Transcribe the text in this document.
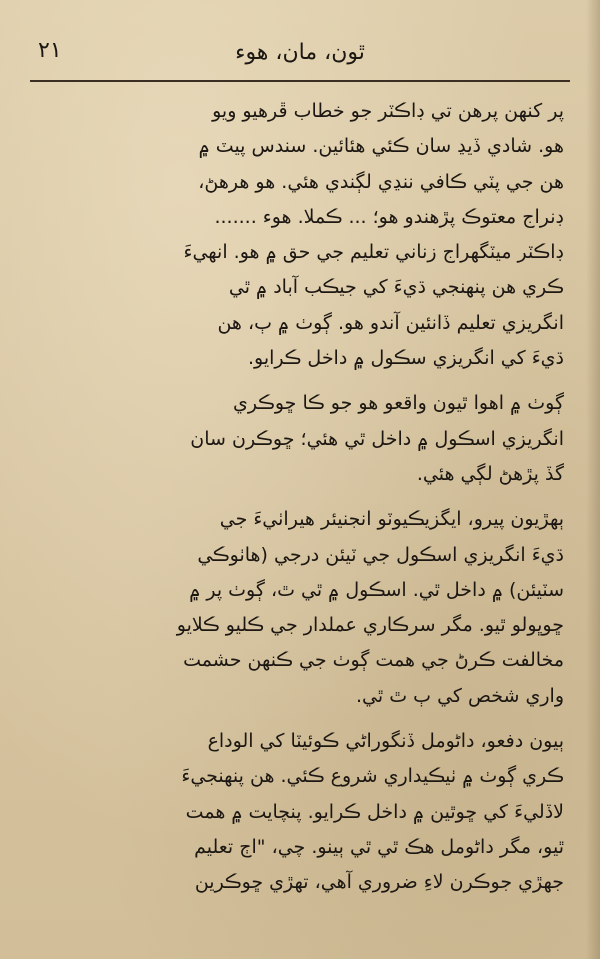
۲۱	ٿون، مان، ھوء
پر کنھن پرھن تي ڊاڪٽر جو خطاب ڦرھيو ويو
ھو. شادي ڏيڍ سان ڪئي ھئائين. سندس پيٽ ۾
ھن جي پٽي ڪافي ننڍي لڳندي ھئي. ھو ھرھڻ،
ڊنراج معتوڪ پڙھندو ھو؛ ... ڪملا. ھوء .......
ڊاڪٽر ميٽگھراج زناني تعليم جي حق ۾ ھو. انھيءَ
ڪري ھن پنھنجي ڌيءَ کي جيڪب آباد ۾ ٿي
انگريزي تعليم ڏانئين آندو ھو. ڳوٺ ۾ ٻ، ھن
ڌيءَ کي انگريزي سڪول ۾ داخل ڪرايو.
ڳوٺ ۾ اھوا ٿيون واقعو ھو جو ڪا ڇوڪري
انگريزي اسڪول ۾ داخل ٿي ھئي؛ ڇوڪرن سان
گڏ پڙھڻ لڳي ھئي.
ٻھڙيون پيرو، ايگزيڪيوٽو انجنيئر ھيراٺيءَ جي
ڌيءَ انگريزي اسڪول جي ٽيئن درجي (ھاٺوڪي
سٽيئن) ۾ داخل ٿي. اسڪول ۾ ٿي ٿ، ڳوٺ پر ۾
ڇوڀولو ٿيو. مگر سرڪاري عملدار جي ڪليو ڪلايو
مخالفت ڪرڻ جي ھمت ڳوٺ جي ڪنھن حشمت
واري شخص کي ٻ ٿ ٿي.
ٻيون دفعو، داڻومل ڏنگوراڻي ڪوئيٽا کي الوداع
ڪري ڳوٺ ۾ ٺيڪيداري شروع ڪئي. ھن پنھنجيءَ
لاڏليءَ کي ڇوٿين ۾ داخل ڪرايو. پنچايت ۾ ھمت
ٿيو، مگر داڻومل ھڪ ٿي ٿي ٻينو. چي، "اڄ تعليم
جھڙي جوڪرن لاءِ ضروري آھي، تھڙي ڇوڪرين
